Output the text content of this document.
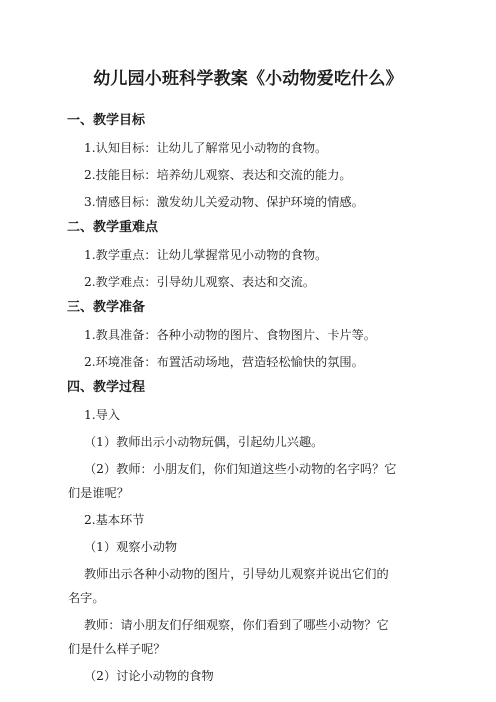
幼儿园小班科学教案《小动物爱吃什么》
一、教学目标
1.认知目标：让幼儿了解常见小动物的食物。
2.技能目标：培养幼儿观察、表达和交流的能力。
3.情感目标：激发幼儿关爱动物、保护环境的情感。
二、教学重难点
1.教学重点：让幼儿掌握常见小动物的食物。
2.教学难点：引导幼儿观察、表达和交流。
三、教学准备
1.教具准备：各种小动物的图片、食物图片、卡片等。
2.环境准备：布置活动场地，营造轻松愉快的氛围。
四、教学过程
1.导入
（1）教师出示小动物玩偶，引起幼儿兴趣。
（2）教师：小朋友们，你们知道这些小动物的名字吗？它们是谁呢？
2.基本环节
（1）观察小动物
教师出示各种小动物的图片，引导幼儿观察并说出它们的名字。
教师：请小朋友们仔细观察，你们看到了哪些小动物？它们是什么样子呢？
（2）讨论小动物的食物
